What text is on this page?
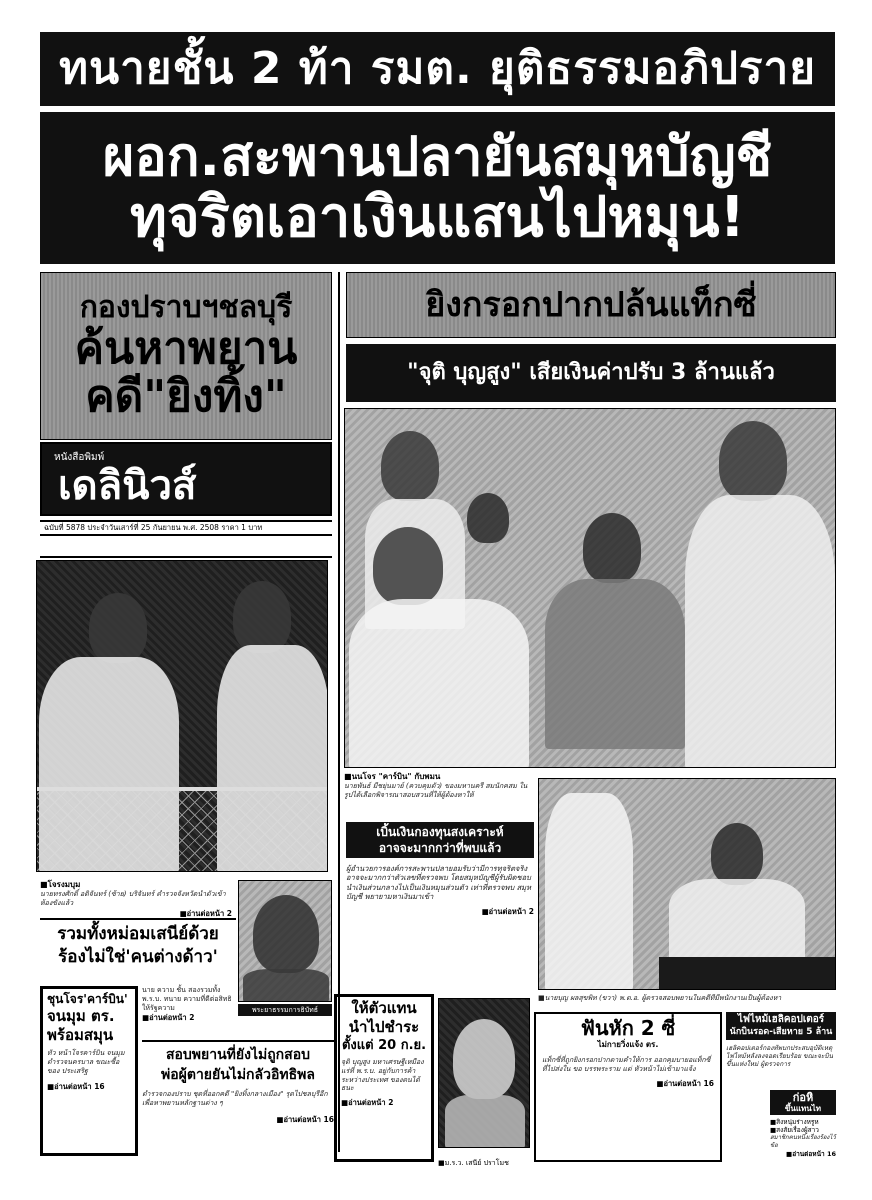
ทนายชั้น 2 ท้า รมต. ยุติธรรมอภิปราย
ผอก.สะพานปลายันสมุหบัญชี
ทุจริตเอาเงินแสนไปหมุน!
กองปราบฯชลบุรี
ค้นหาพยาน
คดี"ยิงทิ้ง"
หนังสือพิมพ์
เดลินิวส์
ฉบับที่ 5878 ประจำวันเสาร์ที่ 25 กันยายน พ.ศ. 2508 ราคา 1 บาท
ยิงกรอกปากปล้นแท็กซี่
"จุติ บุญสูง" เสียเงินค่าปรับ 3 ล้านแล้ว
■ นนโจร "คาร์บิน" กับพมน
นายพันธ์ มีชยุ่นมาย์ (ควบคุมตัว) ของมหานครี สมนักคสม ในรูปได้เลือกพิจารณาสอบสวนที่ให้ผู้ต้องหาให้
■ โจรงมบุม
นายทรงศักดิ์ อดิจันทร์ (ซ้าย) บริจันทร์ ตำรวจจังหวัดนำตัวเข้าห้องขังแล้ว
■ อ่านต่อหน้า 2
รวมทั้งหม่อมเสนีย์ด้วย
ร้องไม่ใช่'คนต่างด้าว'
พระยาธรรมการธิบัทธ์
ชุนโจร'คาร์บิน'
จนมุม ตร.
พร้อมสมุน
ทัว หน้าโจรคาร์บิน จนมุมตำรวจนครบาล ขณะซื้อของ ประเสริฐ
■ อ่านต่อหน้า 16
นาย ความ ชั้น สองรวมทั้ง พ.ร.บ. ทนาย ความที่ดีต่อสิทธิให้รัฐความ
■ อ่านต่อหน้า 2
สอบพยานที่ยังไม่ถูกสอบ
พ่อผู้ตายยันไม่กลัวอิทธิพล
ตำรวจกองปราบ ชุดที่ออกคดี "ยิงทิ้งกลางเมือง" รุดไปชลบุรีอีก เพื่อหาพยานหลักฐานต่าง ๆ
■ อ่านต่อหน้า 16
เบิ้นเงินกองทุนสงเคราะห์
อาจจะมากกว่าที่พบแล้ว
ผู้อำนวยการองค์การสะพานปลายอมรับว่ามีการทุจริตจริง อาจจะมากกว่าตัวเลขที่ตรวจพบ โดยสมุหบัญชีผู้รับผิดชอบนำเงินส่วนกลางไปเป็นเงินหมุนส่วนตัว เท่าที่ตรวจพบ สมุหบัญชี พยายามหาเงินมาเข้า
■ อ่านต่อหน้า 2
■ นายบุญ ผลสุขพิท (ขวา) พ.ต.อ. ผู้ตรวจสอบพยานในคดีที่มีพนักงานเป็นผู้ต้องหา
ให้ตัวแทน
นำไปชำระ
ตั้งแต่ 20 ก.ย.
จุติ บุญสูง มหาเศรษฐีเหมืองแร่ที่ พ.ร.บ. อยู่กับการค้าระหว่างประเทศ ของตนได้ ธนะ
■ อ่านต่อหน้า 2
■ ม.ร.ว. เสนีย์ ปราโมช
ฟันหัก 2 ซี่
ไม่กายวิ่งแจ้ง ตร.
แท็กซี่ที่ถูกยิงกรอกปากตามคำให้การ ออกคุมบายอแท็กซี่ ที่ไปส่งใน ขอ บรรพระราม แต่ หัวหน้าไม่เข้ามาแจ้ง
■ อ่านต่อหน้า 16
ไฟไหม้เฮลิคอปเตอร์
นักบินรอด-เสียหาย 5 ล้าน
เฮลิคอปเตอร์กองทัพบกประสบอุบัติเหตุไฟไหม้หลังลงจอดเรียบร้อย ขณะจะบินขึ้นแห่งใหม่ ผู้ตรวจการ
ก่อหิ
ขึ้นแทนไท
■ สิงหนุ่มร่างหรูห
■ สงสัยเรื่องผู้สาว
สมาชิกคนหนึ่งเรื่องร้องไว้ข้อ
■ อ่านต่อหน้า 16
